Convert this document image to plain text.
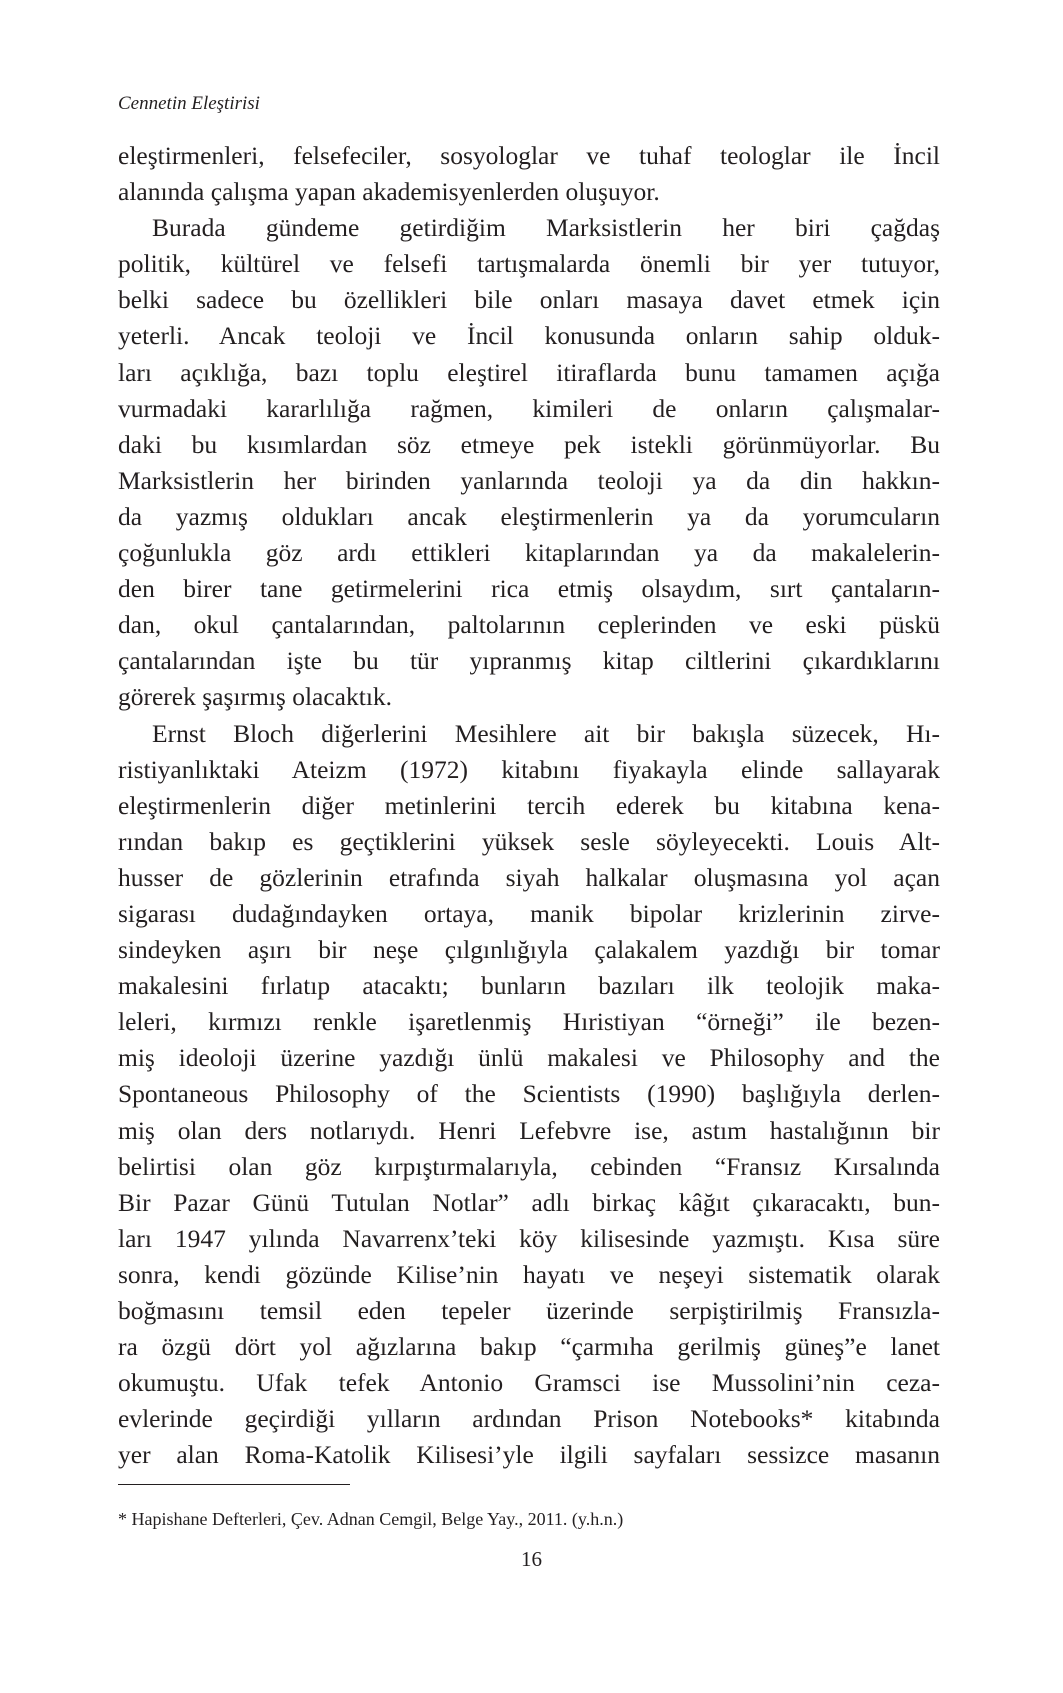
Cennetin Eleştirisi
eleştirmenleri, felsefeciler, sosyologlar ve tuhaf teologlar ile İncil
alanında çalışma yapan akademisyenlerden oluşuyor.
Burada gündeme getirdiğim Marksistlerin her biri çağdaş
politik, kültürel ve felsefi tartışmalarda önemli bir yer tutuyor,
belki sadece bu özellikleri bile onları masaya davet etmek için
yeterli. Ancak teoloji ve İncil konusunda onların sahip olduk-
ları açıklığa, bazı toplu eleştirel itiraflarda bunu tamamen açığa
vurmadaki kararlılığa rağmen, kimileri de onların çalışmalar-
daki bu kısımlardan söz etmeye pek istekli görünmüyorlar. Bu
Marksistlerin her birinden yanlarında teoloji ya da din hakkın-
da yazmış oldukları ancak eleştirmenlerin ya da yorumcuların
çoğunlukla göz ardı ettikleri kitaplarından ya da makalelerin-
den birer tane getirmelerini rica etmiş olsaydım, sırt çantaların-
dan, okul çantalarından, paltolarının ceplerinden ve eski püskü
çantalarından işte bu tür yıpranmış kitap ciltlerini çıkardıklarını
görerek şaşırmış olacaktık.
Ernst Bloch diğerlerini Mesihlere ait bir bakışla süzecek, Hı-
ristiyanlıktaki Ateizm (1972) kitabını fiyakayla elinde sallayarak
eleştirmenlerin diğer metinlerini tercih ederek bu kitabına kena-
rından bakıp es geçtiklerini yüksek sesle söyleyecekti. Louis Alt-
husser de gözlerinin etrafında siyah halkalar oluşmasına yol açan
sigarası dudağındayken ortaya, manik bipolar krizlerinin zirve-
sindeyken aşırı bir neşe çılgınlığıyla çalakalem yazdığı bir tomar
makalesini fırlatıp atacaktı; bunların bazıları ilk teolojik maka-
leleri, kırmızı renkle işaretlenmiş Hıristiyan “örneği” ile bezen-
miş ideoloji üzerine yazdığı ünlü makalesi ve Philosophy and the
Spontaneous Philosophy of the Scientists (1990) başlığıyla derlen-
miş olan ders notlarıydı. Henri Lefebvre ise, astım hastalığının bir
belirtisi olan göz kırpıştırmalarıyla, cebinden “Fransız Kırsalında
Bir Pazar Günü Tutulan Notlar” adlı birkaç kâğıt çıkaracaktı, bun-
ları 1947 yılında Navarrenx’teki köy kilisesinde yazmıştı. Kısa süre
sonra, kendi gözünde Kilise’nin hayatı ve neşeyi sistematik olarak
boğmasını temsil eden tepeler üzerinde serpiştirilmiş Fransızla-
ra özgü dört yol ağızlarına bakıp “çarmıha gerilmiş güneş”e lanet
okumuştu. Ufak tefek Antonio Gramsci ise Mussolini’nin ceza-
evlerinde geçirdiği yılların ardından Prison Notebooks* kitabında
yer alan Roma-Katolik Kilisesi’yle ilgili sayfaları sessizce masanın
* Hapishane Defterleri, Çev. Adnan Cemgil, Belge Yay., 2011. (y.h.n.)
16
